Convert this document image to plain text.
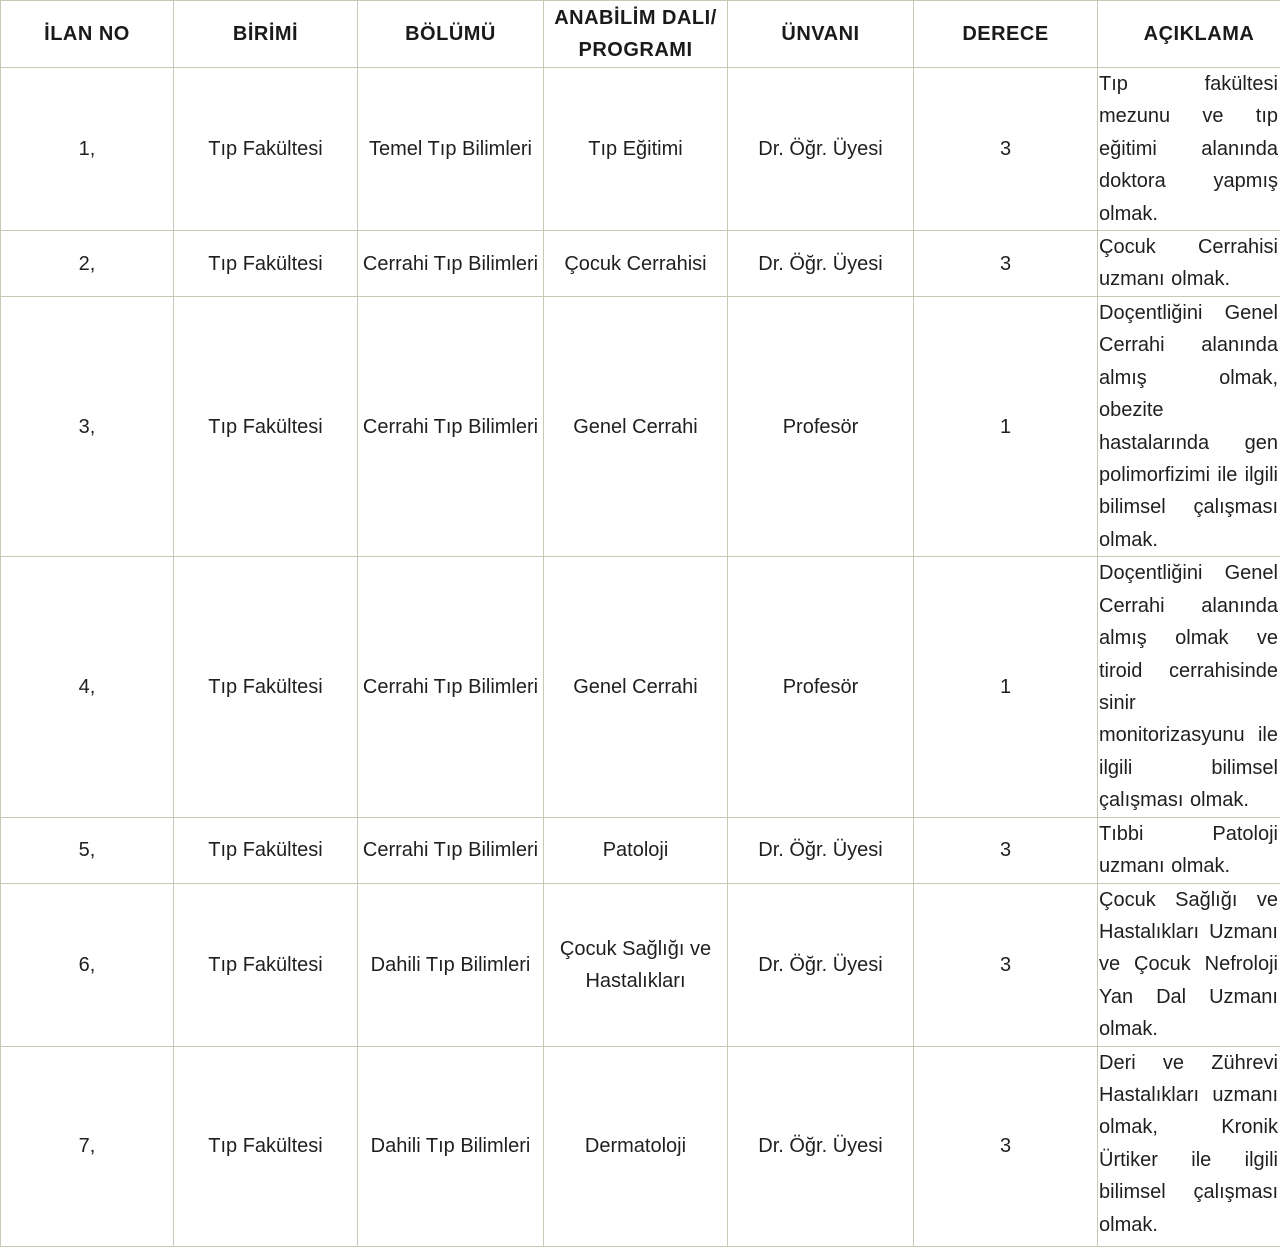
İLAN NO	BİRİMİ	BÖLÜMÜ	ANABİLİM DALI/ PROGRAMI	ÜNVANI	DERECE	AÇIKLAMA
1,	Tıp Fakültesi	Temel Tıp Bilimleri	Tıp Eğitimi	Dr. Öğr. Üyesi	3	Tıp fakültesi mezunu ve tıp eğitimi alanında doktora yapmış olmak.

2,	Tıp Fakültesi	Cerrahi Tıp Bilimleri	Çocuk Cerrahisi	Dr. Öğr. Üyesi	3	Çocuk Cerrahisi uzmanı olmak.

3,	Tıp Fakültesi	Cerrahi Tıp Bilimleri	Genel Cerrahi	Profesör	1	Doçentliğini Genel Cerrahi alanında almış olmak, obezite hastalarında gen polimorfizimi ile ilgili bilimsel çalışması olmak.

4,	Tıp Fakültesi	Cerrahi Tıp Bilimleri	Genel Cerrahi	Profesör	1	Doçentliğini Genel Cerrahi alanında almış olmak ve tiroid cerrahisinde sinir monitorizasyunu ile ilgili bilimsel çalışması olmak.

5,	Tıp Fakültesi	Cerrahi Tıp Bilimleri	Patoloji	Dr. Öğr. Üyesi	3	Tıbbi Patoloji uzmanı olmak.

6,	Tıp Fakültesi	Dahili Tıp Bilimleri	Çocuk Sağlığı ve Hastalıkları	Dr. Öğr. Üyesi	3	Çocuk Sağlığı ve Hastalıkları Uzmanı ve Çocuk Nefroloji Yan Dal Uzmanı olmak.

7,	Tıp Fakültesi	Dahili Tıp Bilimleri	Dermatoloji	Dr. Öğr. Üyesi	3	Deri ve Zührevi Hastalıkları uzmanı olmak, Kronik Ürtiker ile ilgili bilimsel çalışması olmak.
